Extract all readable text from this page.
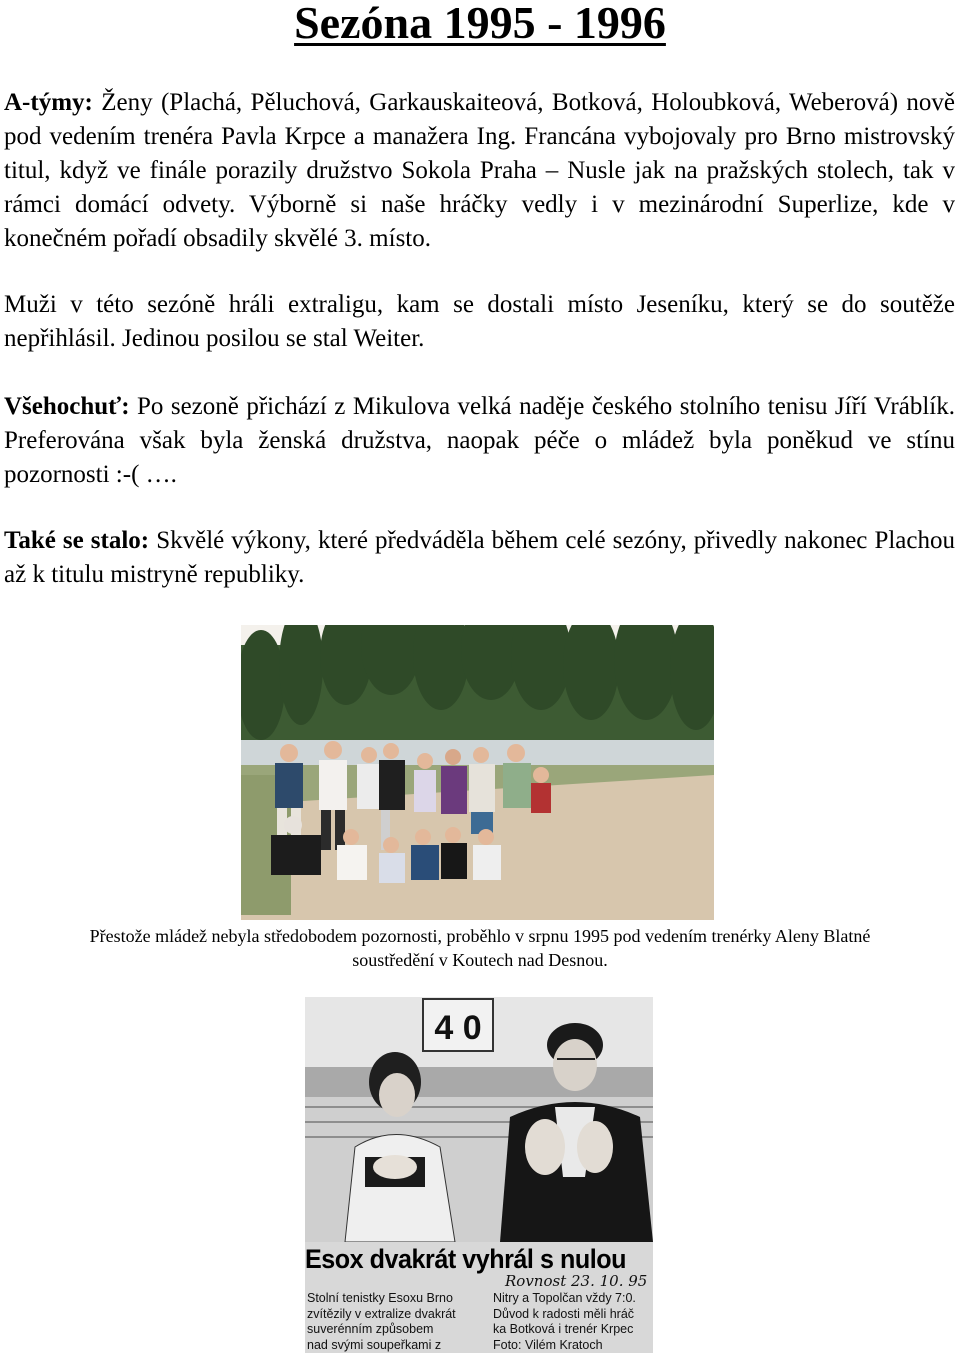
Sezóna 1995 - 1996

A-týmy: Ženy (Plachá, Pěluchová, Garkauskaiteová, Botková, Holoubková, Weberová) nově pod vedením trenéra Pavla Krpce a manažera Ing. Francána vybojovaly pro Brno mistrovský titul, když ve finále porazily družstvo Sokola Praha – Nusle jak na pražských stolech, tak v rámci domácí odvety. Výborně si naše hráčky vedly i v mezinárodní Superlize, kde v konečném pořadí obsadily skvělé 3. místo.

Muži v této sezóně hráli extraligu, kam se dostali místo Jeseníku, který se do soutěže nepřihlásil. Jedinou posilou se stal Weiter.

Všehochuť: Po sezoně přichází z Mikulova velká naděje českého stolního tenisu Jíří Vráblík. Preferována však byla ženská družstva, naopak péče o mládež byla poněkud ve stínu pozornosti :-( ….

Také se stalo: Skvělé výkony, které předváděla během celé sezóny, přivedly nakonec Plachou až k titulu mistryně republiky.

Přestože mládež nebyla středobodem pozornosti, proběhlo v srpnu 1995 pod vedením trenérky Aleny Blatné
soustředění v Koutech nad Desnou.
4 0
Esox dvakrát vyhrál s nulou
Rovnost 23. 10. 95
Stolní tenistky Esoxu Brno
zvítězily v extralize dvakrát
suverénním způsobem
nad svými soupeřkami z
Nitry a Topolčan vždy 7:0.
Důvod k radosti měli hráč
ka Botková i trenér Krpec
Foto: Vilém Kratoch
